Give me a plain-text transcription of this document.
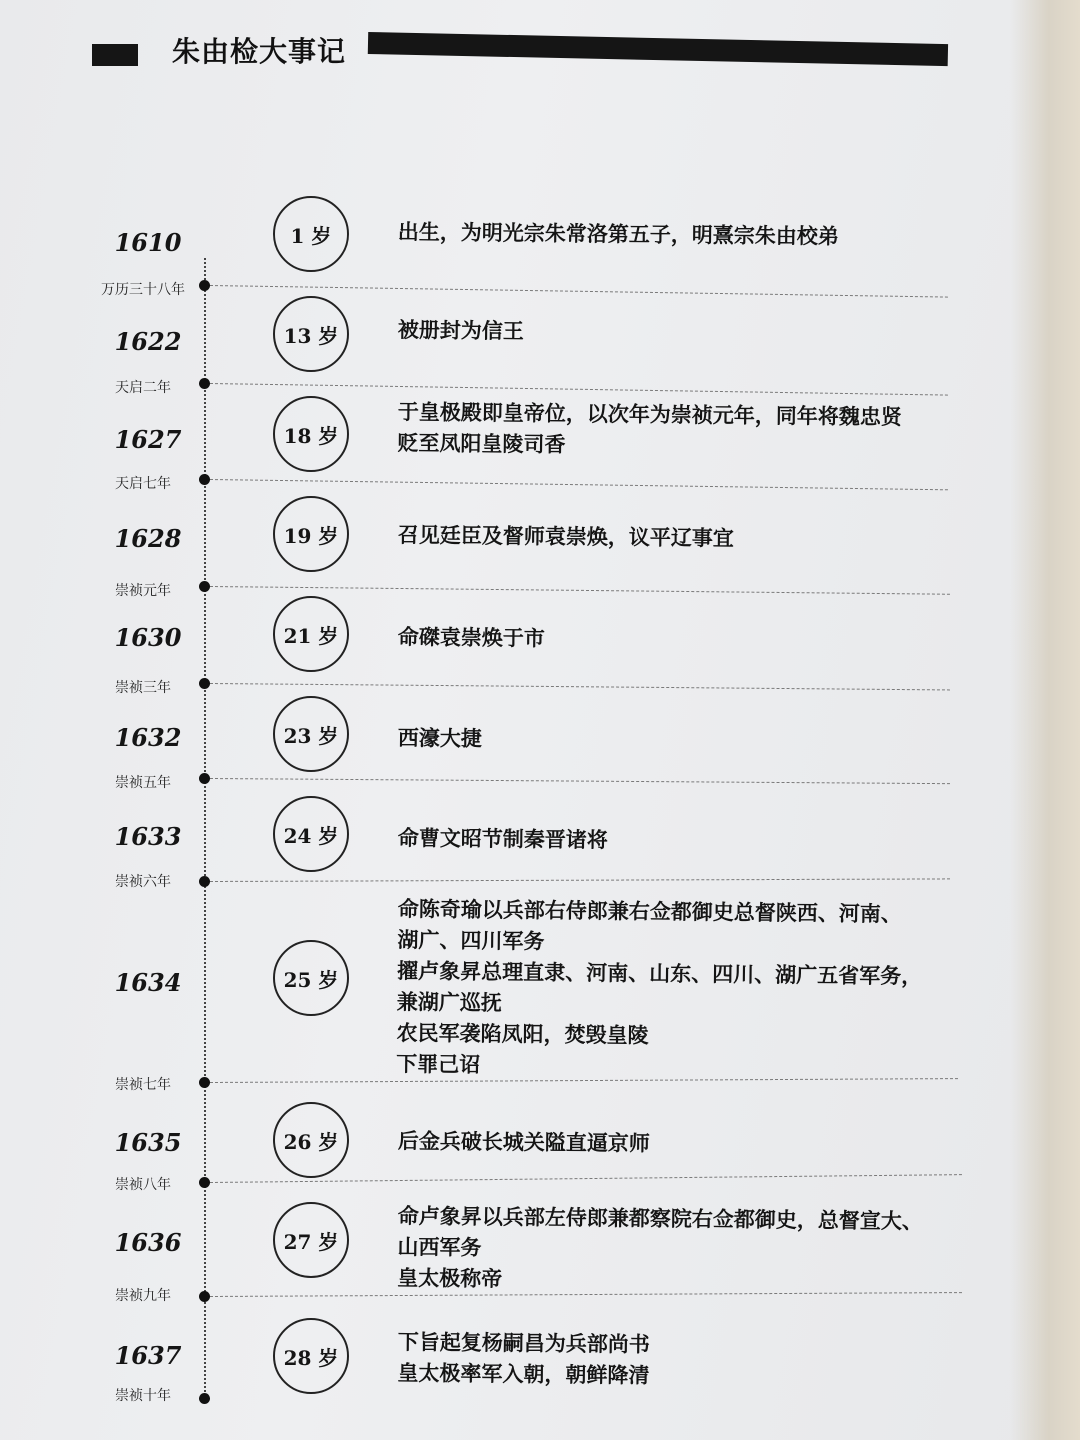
朱由检大事记
1610
万历三十八年
1 岁	出生，为明光宗朱常洛第五子，明熹宗朱由校弟
1622
天启二年
13 岁	被册封为信王
1627
天启七年
18 岁
于皇极殿即皇帝位，以次年为崇祯元年，同年将魏忠贤
贬至凤阳皇陵司香
1628
崇祯元年
19 岁	召见廷臣及督师袁崇焕，议平辽事宜
1630
崇祯三年
21 岁	命磔袁崇焕于市
1632
崇祯五年
23 岁	西濠大捷
1633
崇祯六年
24 岁	命曹文昭节制秦晋诸将
1634
崇祯七年
25 岁
命陈奇瑜以兵部右侍郎兼右佥都御史总督陕西、河南、
湖广、四川军务
擢卢象昇总理直隶、河南、山东、四川、湖广五省军务，
兼湖广巡抚
农民军袭陷凤阳，焚毁皇陵
下罪己诏
1635
崇祯八年
26 岁	后金兵破长城关隘直逼京师
1636
崇祯九年
27 岁
命卢象昇以兵部左侍郎兼都察院右佥都御史，总督宣大、
山西军务
皇太极称帝
1637
崇祯十年
28 岁
下旨起复杨嗣昌为兵部尚书
皇太极率军入朝，朝鲜降清
